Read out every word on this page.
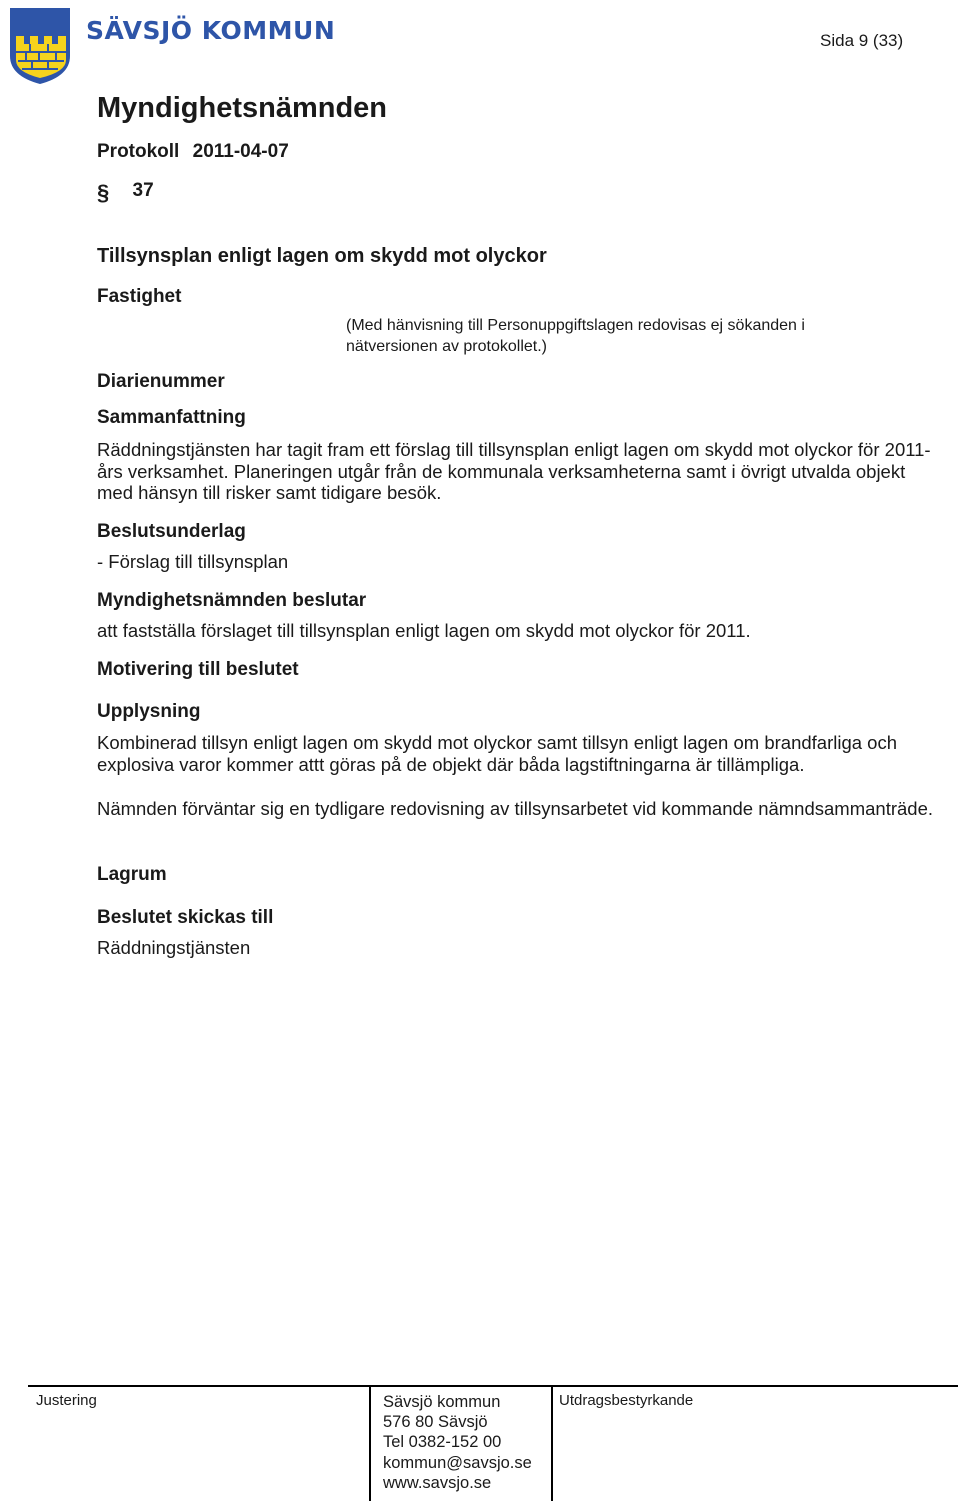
SÄVSJÖ KOMMUN	Sida 9 (33)
Myndighetsnämnden
Protokoll 2011-04-07
§ 37
Tillsynsplan enligt lagen om skydd mot olyckor
Fastighet
(Med hänvisning till Personuppgiftslagen redovisas ej sökanden i nätversionen av protokollet.)
Diarienummer
Sammanfattning
Räddningstjänsten har tagit fram ett förslag till tillsynsplan enligt lagen om skydd mot olyckor för 2011-års verksamhet. Planeringen utgår från de kommunala verksamheterna samt i övrigt utvalda objekt med hänsyn till risker samt tidigare besök.
Beslutsunderlag
- Förslag till tillsynsplan
Myndighetsnämnden beslutar
att fastställa förslaget till tillsynsplan enligt lagen om skydd mot olyckor för 2011.
Motivering till beslutet
Upplysning
Kombinerad tillsyn enligt lagen om skydd mot olyckor samt tillsyn enligt lagen om brandfarliga och explosiva varor kommer attt göras på de objekt där båda lagstiftningarna är tillämpliga.
Nämnden förväntar sig en tydligare redovisning av tillsynsarbetet vid kommande nämndsammanträde.
Lagrum
Beslutet skickas till
Räddningstjänsten
Justering	Sävsjö kommun
576 80 Sävsjö
Tel 0382-152 00
kommun@savsjo.se
www.savsjo.se
Utdragsbestyrkande
